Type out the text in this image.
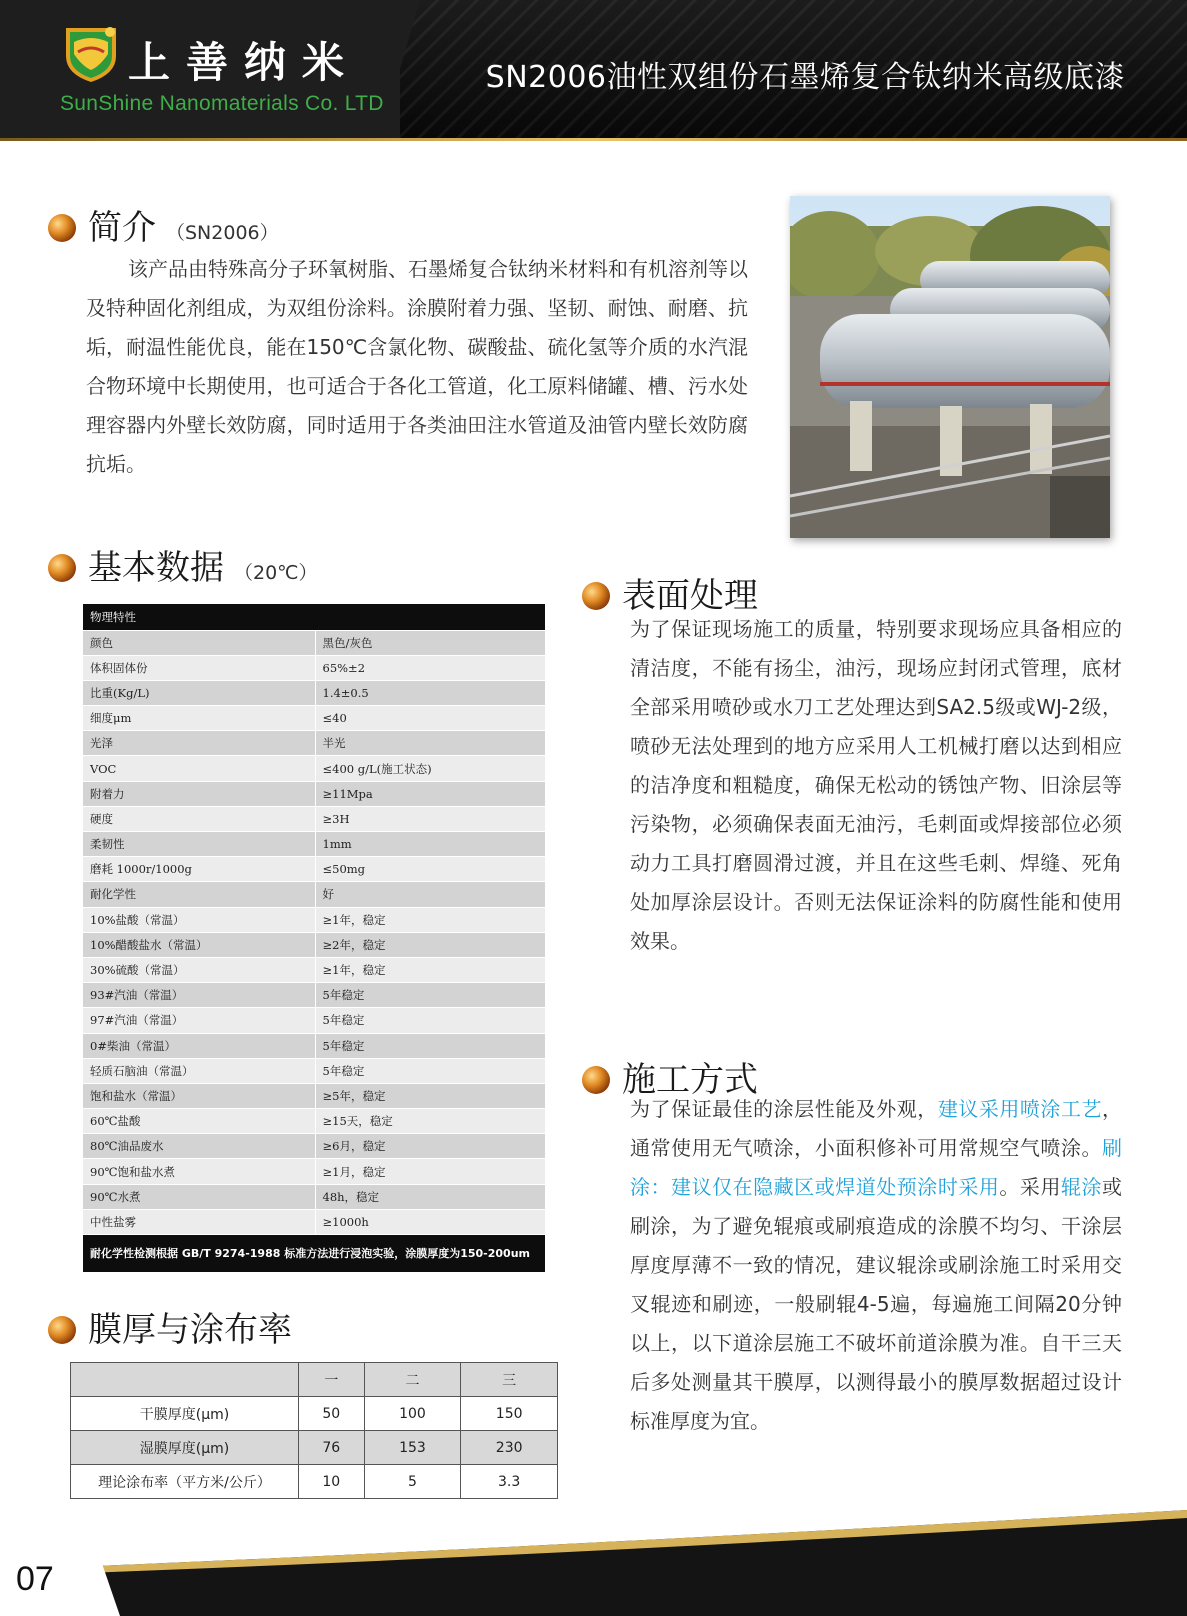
上善纳米
SunShine Nanomaterials Co. LTD
SN2006油性双组份石墨烯复合钛纳米高级底漆
简介 （SN2006）
该产品由特殊高分子环氧树脂、石墨烯复合钛纳米材料和有机溶剂等以及特种固化剂组成，为双组份涂料。涂膜附着力强、坚韧、耐蚀、耐磨、抗垢，耐温性能优良，能在150℃含氯化物、碳酸盐、硫化氢等介质的水汽混合物环境中长期使用，也可适合于各化工管道，化工原料储罐、槽、污水处理容器内外壁长效防腐，同时适用于各类油田注水管道及油管内壁长效防腐抗垢。
基本数据 （20℃）
物理特性	
颜色	黑色/灰色
体积固体份	65%±2
比重(Kg/L)	1.4±0.5
细度μm	≤40
光泽	半光
VOC	≤400 g/L(施工状态)
附着力	≥11Mpa
硬度	≥3H
柔韧性	1mm
磨耗 1000r/1000g	≤50mg
耐化学性	好
10%盐酸（常温）	≥1年，稳定
10%醋酸盐水（常温）	≥2年，稳定
30%硫酸（常温）	≥1年，稳定
93#汽油（常温）	5年稳定
97#汽油（常温）	5年稳定
0#柴油（常温）	5年稳定
轻质石脑油（常温）	5年稳定
饱和盐水（常温）	≥5年，稳定
60℃盐酸	≥15天，稳定
80℃油品废水	≥6月，稳定
90℃饱和盐水煮	≥1月，稳定
90℃水煮	48h，稳定
中性盐雾	≥1000h
耐化学性检测根据 GB/T 9274-1988 标准方法进行浸泡实验，涂膜厚度为150-200um	
膜厚与涂布率
	一	二	三
干膜厚度(μm)	50	100	150
湿膜厚度(μm)	76	153	230
理论涂布率（平方米/公斤）	10	5	3.3
表面处理
为了保证现场施工的质量，特别要求现场应具备相应的清洁度，不能有扬尘，油污，现场应封闭式管理，底材全部采用喷砂或水刀工艺处理达到SA2.5级或WJ-2级，喷砂无法处理到的地方应采用人工机械打磨以达到相应的洁净度和粗糙度，确保无松动的锈蚀产物、旧涂层等污染物，必须确保表面无油污，毛刺面或焊接部位必须动力工具打磨圆滑过渡，并且在这些毛刺、焊缝、死角处加厚涂层设计。否则无法保证涂料的防腐性能和使用效果。
施工方式
为了保证最佳的涂层性能及外观，建议采用喷涂工艺，通常使用无气喷涂，小面积修补可用常规空气喷涂。刷涂：建议仅在隐藏区或焊道处预涂时采用。采用辊涂或刷涂，为了避免辊痕或刷痕造成的涂膜不均匀、干涂层厚度厚薄不一致的情况，建议辊涂或刷涂施工时采用交叉辊迹和刷迹，一般刷辊4-5遍，每遍施工间隔20分钟以上，以下道涂层施工不破坏前道涂膜为准。自干三天后多处测量其干膜厚，以测得最小的膜厚数据超过设计标准厚度为宜。
07
